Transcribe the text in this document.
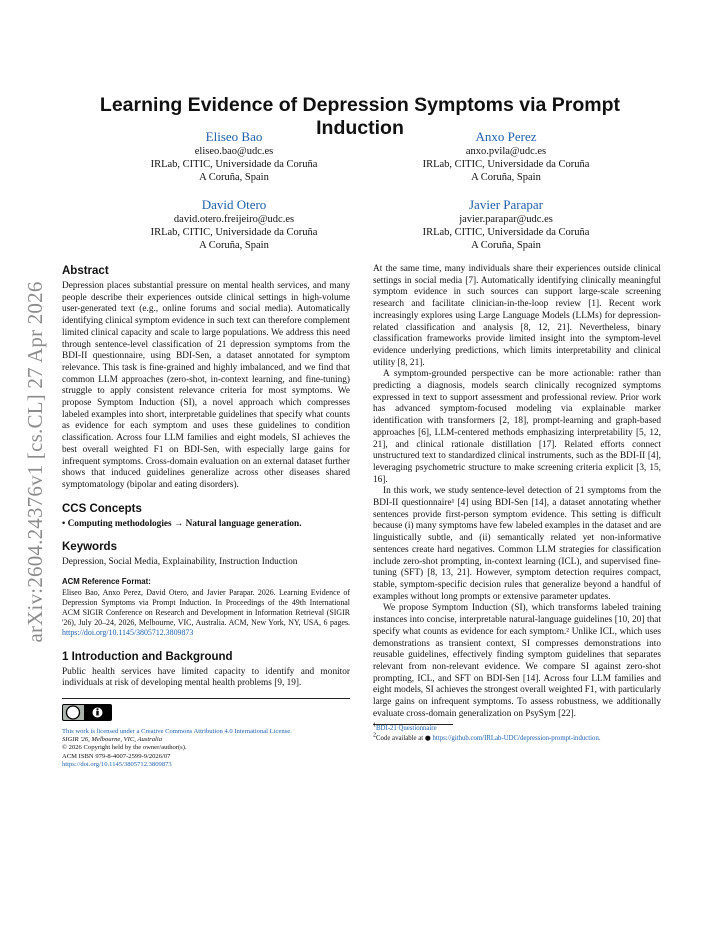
arXiv:2604.24376v1 [cs.CL] 27 Apr 2026
Learning Evidence of Depression Symptoms via Prompt Induction
Eliseo Bao
eliseo.bao@udc.es
IRLab, CITIC, Universidade da Coruña
A Coruña, Spain
Anxo Perez
anxo.pvila@udc.es
IRLab, CITIC, Universidade da Coruña
A Coruña, Spain
David Otero
david.otero.freijeiro@udc.es
IRLab, CITIC, Universidade da Coruña
A Coruña, Spain
Javier Parapar
javier.parapar@udc.es
IRLab, CITIC, Universidade da Coruña
A Coruña, Spain
Abstract

Depression places substantial pressure on mental health services, and many people describe their experiences outside clinical settings in high-volume user-generated text (e.g., online forums and social media). Automatically identifying clinical symptom evidence in such text can therefore complement limited clinical capacity and scale to large populations. We address this need through sentence-level classification of 21 depression symptoms from the BDI-II questionnaire, using BDI-Sen, a dataset annotated for symptom relevance. This task is fine-grained and highly imbalanced, and we find that common LLM approaches (zero-shot, in-context learning, and fine-tuning) struggle to apply consistent relevance criteria for most symptoms. We propose Symptom Induction (SI), a novel approach which compresses labeled examples into short, interpretable guidelines that specify what counts as evidence for each symptom and uses these guidelines to condition classification. Across four LLM families and eight models, SI achieves the best overall weighted F1 on BDI-Sen, with especially large gains for infrequent symptoms. Cross-domain evaluation on an external dataset further shows that induced guidelines generalize across other diseases shared symptomatology (bipolar and eating disorders).

CCS Concepts

• Computing methodologies → Natural language generation.

Keywords

Depression, Social Media, Explainability, Instruction Induction

ACM Reference Format:
Eliseo Bao, Anxo Perez, David Otero, and Javier Parapar. 2026. Learning Evidence of Depression Symptoms via Prompt Induction. In Proceedings of the 49th International ACM SIGIR Conference on Research and Development in Information Retrieval (SIGIR '26), July 20–24, 2026, Melbourne, VIC, Australia. ACM, New York, NY, USA, 6 pages. https://doi.org/10.1145/3805712.3809873
1 Introduction and Background

Public health services have limited capacity to identify and monitor individuals at risk of developing mental health problems [9, 19].

This work is licensed under a Creative Commons Attribution 4.0 International License.
SIGIR '26, Melbourne, VIC, Australia
© 2026 Copyright held by the owner/author(s).
ACM ISBN 979-8-4007-2599-9/2026/07
https://doi.org/10.1145/3805712.3809873

At the same time, many individuals share their experiences outside clinical settings in social media [7]. Automatically identifying clinically meaningful symptom evidence in such sources can support large-scale screening research and facilitate clinician-in-the-loop review [1]. Recent work increasingly explores using Large Language Models (LLMs) for depression-related classification and analysis [8, 12, 21]. Nevertheless, binary classification frameworks provide limited insight into the symptom-level evidence underlying predictions, which limits interpretability and clinical utility [8, 21].

A symptom-grounded perspective can be more actionable: rather than predicting a diagnosis, models search clinically recognized symptoms expressed in text to support assessment and professional review. Prior work has advanced symptom-focused modeling via explainable marker identification with transformers [2, 18], prompt-learning and graph-based approaches [6], LLM-centered methods emphasizing interpretability [5, 12, 21], and clinical rationale distillation [17]. Related efforts connect unstructured text to standardized clinical instruments, such as the BDI-II [4], leveraging psychometric structure to make screening criteria explicit [3, 15, 16].

In this work, we study sentence-level detection of 21 symptoms from the BDI-II questionnaire¹ [4] using BDI-Sen [14], a dataset annotating whether sentences provide first-person symptom evidence. This setting is difficult because (i) many symptoms have few labeled examples in the dataset and are linguistically subtle, and (ii) semantically related yet non-informative sentences create hard negatives. Common LLM strategies for classification include zero-shot prompting, in-context learning (ICL), and supervised fine-tuning (SFT) [8, 13, 21]. However, symptom detection requires compact, stable, symptom-specific decision rules that generalize beyond a handful of examples without long prompts or extensive parameter updates.

We propose Symptom Induction (SI), which transforms labeled training instances into concise, interpretable natural-language guidelines [10, 20] that specify what counts as evidence for each symptom.² Unlike ICL, which uses demonstrations as transient context, SI compresses demonstrations into reusable guidelines, effectively finding symptom guidelines that separates relevant from non-relevant evidence. We compare SI against zero-shot prompting, ICL, and SFT on BDI-Sen [14]. Across four LLM families and eight models, SI achieves the strongest overall weighted F1, with particularly large gains on infrequent symptoms. To assess robustness, we additionally evaluate cross-domain generalization on PsySym [22].

$^1$BDI-21 Questionnaire
$^2$Code available at ● https://github.com/IRLab-UDC/depression-prompt-induction.
